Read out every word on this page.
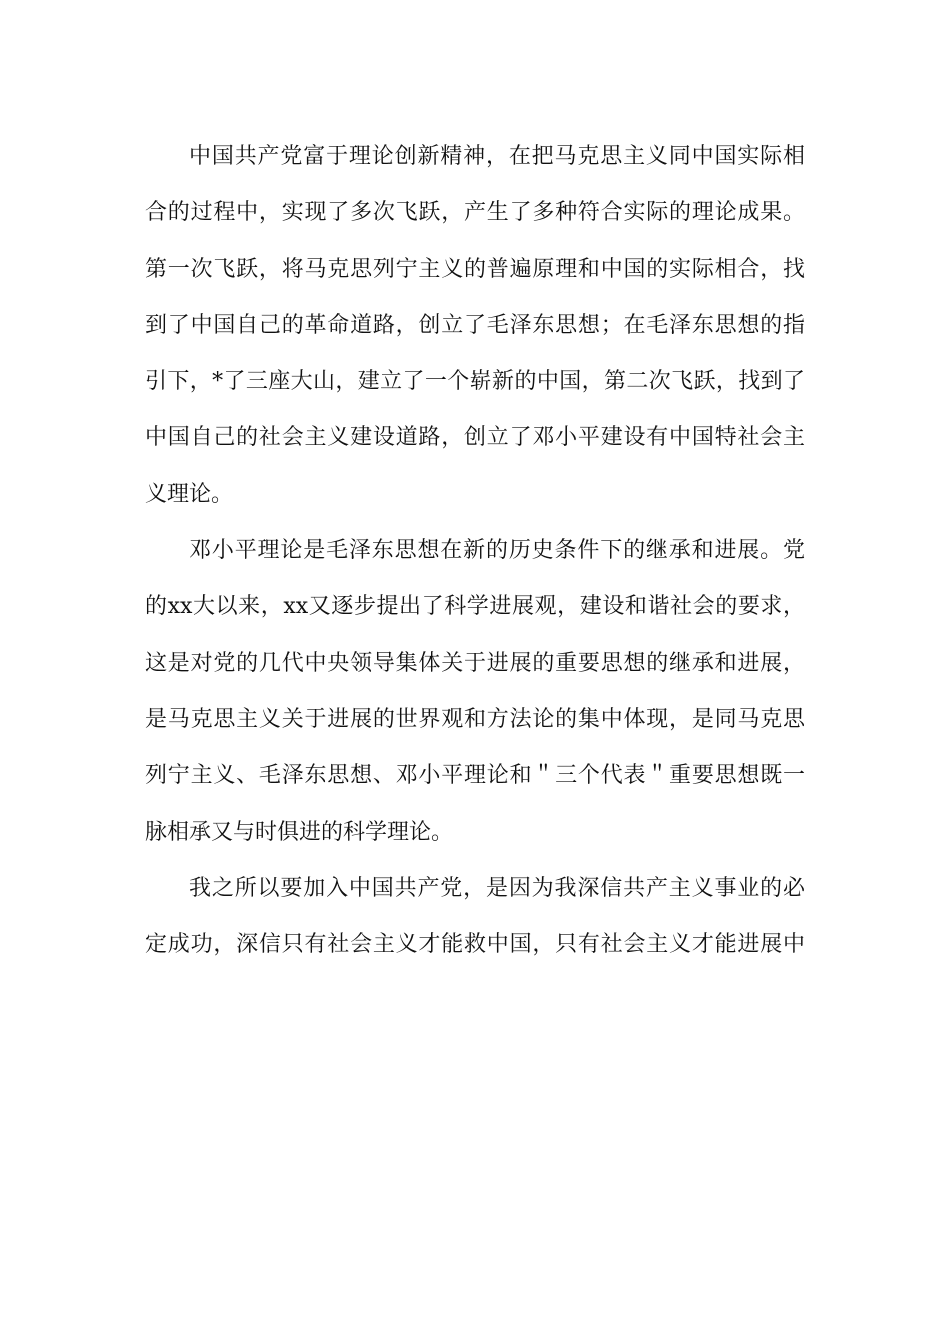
中国共产党富于理论创新精神，在把马克思主义同中国实际相
合的过程中，实现了多次飞跃，产生了多种符合实际的理论成果。
第一次飞跃，将马克思列宁主义的普遍原理和中国的实际相合，找
到了中国自己的革命道路，创立了毛泽东思想；在毛泽东思想的指
引下，*了三座大山，建立了一个崭新的中国，第二次飞跃，找到了
中国自己的社会主义建设道路，创立了邓小平建设有中国特社会主
义理论。
邓小平理论是毛泽东思想在新的历史条件下的继承和进展。党
的xx大以来，xx又逐步提出了科学进展观，建设和谐社会的要求，
这是对党的几代中央领导集体关于进展的重要思想的继承和进展，
是马克思主义关于进展的世界观和方法论的集中体现，是同马克思
列宁主义、毛泽东思想、邓小平理论和＂三个代表＂重要思想既一
脉相承又与时俱进的科学理论。
我之所以要加入中国共产党，是因为我深信共产主义事业的必
定成功，深信只有社会主义才能救中国，只有社会主义才能进展中
